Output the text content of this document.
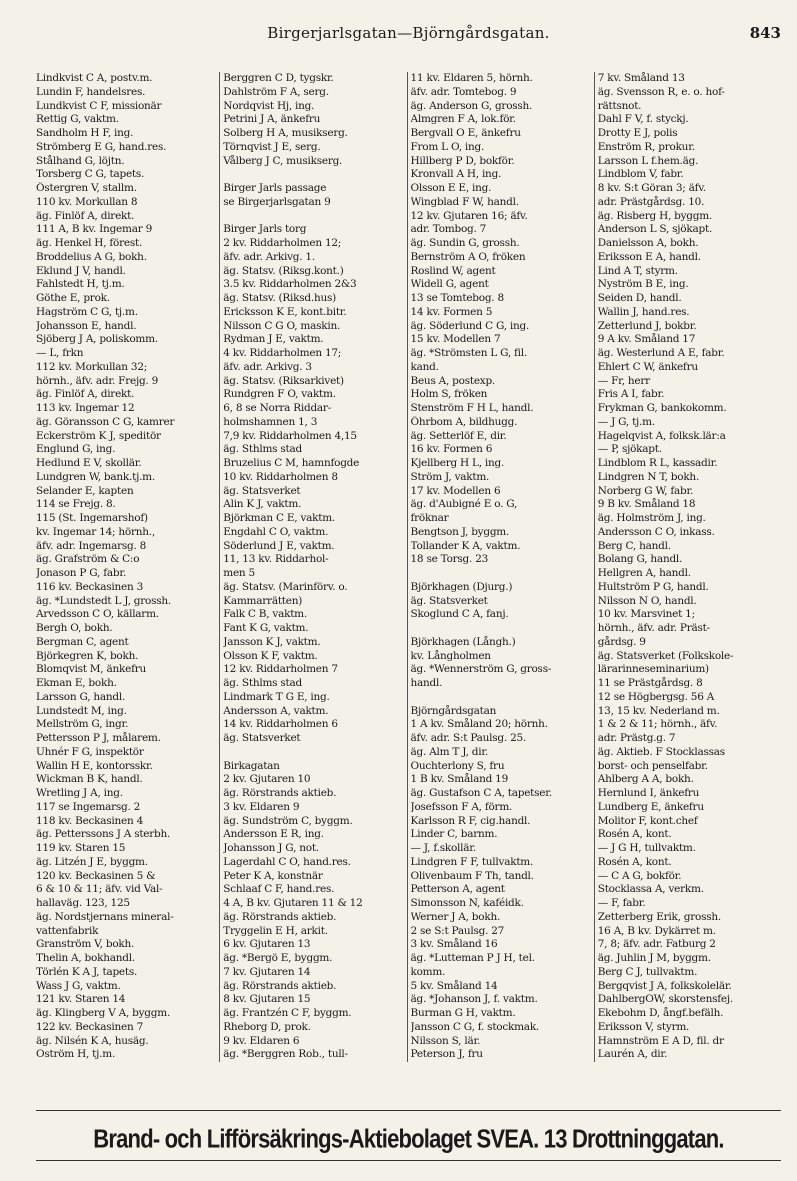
Birgerjarlsgatan—Björngårdsgatan.	843
Lindkvist C A, postv.m.
Lundin F, handelsres.
Lundkvist C F, missionär
Rettig G, vaktm.
Sandholm H F, ing.
Strömberg E G, hand.res.
Stålhand G, löjtn.
Torsberg C G, tapets.
Östergren V, stallm.
110 kv. Morkullan 8
äg. Finlöf A, direkt.
111 A, B kv. Ingemar 9
äg. Henkel H, förest.
Broddelius A G, bokh.
Eklund J V, handl.
Fahlstedt H, tj.m.
Göthe E, prok.
Hagström C G, tj.m.
Johansson E, handl.
Sjöberg J A, poliskomm.
— L, frkn
112 kv. Morkullan 32;
hörnh., äfv. adr. Frejg. 9
äg. Finlöf A, direkt.
113 kv. Ingemar 12
äg. Göransson C G, kamrer
Eckerström K J, speditör
Englund G, ing.
Hedlund E V, skollär.
Lundgren W, bank.tj.m.
Selander E, kapten
114 se Frejg. 8.
115 (St. Ingemarshof)
kv. Ingemar 14; hörnh.,
äfv. adr. Ingemarsg. 8
äg. Grafström & C:o
Jonason P G, fabr.
116 kv. Beckasinen 3
äg. *Lundstedt L J, grossh.
Arvedsson C O, källarm.
Bergh O, bokh.
Bergman C, agent
Björkegren K, bokh.
Blomqvist M, änkefru
Ekman E, bokh.
Larsson G, handl.
Lundstedt M, ing.
Mellström G, ingr.
Pettersson P J, målarem.
Uhnér F G, inspektör
Wallin H E, kontorsskr.
Wickman B K, handl.
Wretling J A, ing.
117 se Ingemarsg. 2
118 kv. Beckasinen 4
äg. Petterssons J A sterbh.
119 kv. Staren 15
äg. Litzén J E, byggm.
120 kv. Beckasinen 5 &
6 & 10 & 11; äfv. vid Val-
hallaväg. 123, 125
äg. Nordstjernans mineral-
vattenfabrik
Granström V, bokh.
Thelin A, bokhandl.
Törlén K A J, tapets.
Wass J G, vaktm.
121 kv. Staren 14
äg. Klingberg V A, byggm.
122 kv. Beckasinen 7
äg. Nilsén K A, husäg.
Oström H, tj.m.
Berggren C D, tygskr.
Dahlström F A, serg.
Nordqvist Hj, ing.
Petrini J A, änkefru
Solberg H A, musikserg.
Törnqvist J E, serg.
Vålberg J C, musikserg.
Birger Jarls passage
se Birgerjarlsgatan 9
Birger Jarls torg
2 kv. Riddarholmen 12;
äfv. adr. Arkivg. 1.
äg. Statsv. (Riksg.kont.)
3.5 kv. Riddarholmen 2&3
äg. Statsv. (Riksd.hus)
Ericksson K E, kont.bitr.
Nilsson C G O, maskin.
Rydman J E, vaktm.
4 kv. Riddarholmen 17;
äfv. adr. Arkivg. 3
äg. Statsv. (Riksarkivet)
Rundgren F O, vaktm.
6, 8 se Norra Riddar-
holmshamnen 1, 3
7,9 kv. Riddarholmen 4,15
äg. Sthlms stad
Bruzelius C M, hamnfogde
10 kv. Riddarholmen 8
äg. Statsverket
Alin K J, vaktm.
Björkman C E, vaktm.
Engdahl C O, vaktm.
Söderlund J E, vaktm.
11, 13 kv. Riddarhol-
men 5
äg. Statsv. (Marinförv. o.
Kammarrätten)
Falk C B, vaktm.
Fant K G, vaktm.
Jansson K J, vaktm.
Olsson K F, vaktm.
12 kv. Riddarholmen 7
äg. Sthlms stad
Lindmark T G E, ing.
Andersson A, vaktm.
14 kv. Riddarholmen 6
äg. Statsverket
Birkagatan
2 kv. Gjutaren 10
äg. Rörstrands aktieb.
3 kv. Eldaren 9
äg. Sundström C, byggm.
Andersson E R, ing.
Johansson J G, not.
Lagerdahl C O, hand.res.
Peter K A, konstnär
Schlaaf C F, hand.res.
4 A, B kv. Gjutaren 11 & 12
äg. Rörstrands aktieb.
Tryggelin E H, arkit.
6 kv. Gjutaren 13
äg. *Bergö E, byggm.
7 kv. Gjutaren 14
äg. Rörstrands aktieb.
8 kv. Gjutaren 15
äg. Frantzén C F, byggm.
Rheborg D, prok.
9 kv. Eldaren 6
äg. *Berggren Rob., tull-
11 kv. Eldaren 5, hörnh.
äfv. adr. Tomtebog. 9
äg. Anderson G, grossh.
Almgren F A, lok.för.
Bergvall O E, änkefru
From L O, ing.
Hillberg P D, bokför.
Kronvall A H, ing.
Olsson E E, ing.
Wingblad F W, handl.
12 kv. Gjutaren 16; äfv.
adr. Tombog. 7
äg. Sundin G, grossh.
Bernström A O, fröken
Roslind W, agent
Widell G, agent
13 se Tomtebog. 8
14 kv. Formen 5
äg. Söderlund C G, ing.
15 kv. Modellen 7
äg. *Strömsten L G, fil.
kand.
Beus A, postexp.
Holm S, fröken
Stenström F H L, handl.
Öhrbom A, bildhugg.
äg. Setterlöf E, dir.
16 kv. Formen 6
Kjellberg H L, ing.
Ström J, vaktm.
17 kv. Modellen 6
äg. d'Aubigné E o. G,
fröknar
Bengtson J, byggm.
Tollander K A, vaktm.
18 se Torsg. 23
Björkhagen (Djurg.)
äg. Statsverket
Skoglund C A, fanj.
Björkhagen (Långh.)
kv. Långholmen
äg. *Wennerström G, gross-
handl.
Björngårdsgatan
1 A kv. Småland 20; hörnh.
äfv. adr. S:t Paulsg. 25.
äg. Alm T J, dir.
Ouchterlony S, fru
1 B kv. Småland 19
äg. Gustafson C A, tapetser.
Josefsson F A, förm.
Karlsson R F, cig.handl.
Linder C, barnm.
— J, f.skollär.
Lindgren F F, tullvaktm.
Olivenbaum F Th, tandl.
Petterson A, agent
Simonsson N, kaféidk.
Werner J A, bokh.
2 se S:t Paulsg. 27
3 kv. Småland 16
äg. *Lutteman P J H, tel.
komm.
5 kv. Småland 14
äg. *Johanson J, f. vaktm.
Burman G H, vaktm.
Jansson C G, f. stockmak.
Nilsson S, lär.
Peterson J, fru
7 kv. Småland 13
äg. Svensson R, e. o. hof-
rättsnot.
Dahl F V, f. styckj.
Drotty E J, polis
Enström R, prokur.
Larsson L f.hem.äg.
Lindblom V, fabr.
8 kv. S:t Göran 3; äfv.
adr. Prästgårdsg. 10.
äg. Risberg H, byggm.
Anderson L S, sjökapt.
Danielsson A, bokh.
Eriksson E A, handl.
Lind A T, styrm.
Nyström B E, ing.
Seiden D, handl.
Wallin J, hand.res.
Zetterlund J, bokbr.
9 A kv. Småland 17
äg. Westerlund A E, fabr.
Ehlert C W, änkefru
— Fr, herr
Fris A I, fabr.
Frykman G, bankokomm.
— J G, tj.m.
Hagelqvist A, folksk.lär:a
— P, sjökapt.
Lindblom R L, kassadir.
Lindgren N T, bokh.
Norberg G W, fabr.
9 B kv. Småland 18
äg. Holmström J, ing.
Andersson C O, inkass.
Berg C, handl.
Bolang G, handl.
Hellgren A, handl.
Hultström P G, handl.
Nilsson N O, handl.
10 kv. Marsvinet 1;
hörnh., äfv. adr. Präst-
gårdsg. 9
äg. Statsverket (Folkskole-
lärarinneseminarium)
11 se Prästgårdsg. 8
12 se Högbergsg. 56 A
13, 15 kv. Nederland m.
1 & 2 & 11; hörnh., äfv.
adr. Prästg.g. 7
äg. Aktieb. F Stocklassas
borst- och penselfabr.
Ahlberg A A, bokh.
Hernlund I, änkefru
Lundberg E, änkefru
Molitor F, kont.chef
Rosén A, kont.
— J G H, tullvaktm.
Rosén A, kont.
— C A G, bokför.
Stocklassa A, verkm.
— F, fabr.
Zetterberg Erik, grossh.
16 A, B kv. Dykärret m.
7, 8; äfv. adr. Fatburg 2
äg. Juhlin J M, byggm.
Berg C J, tullvaktm.
Bergqvist J A, folkskolelär.
DahlbergOW, skorstensfej.
Ekebohm D, ångf.befälh.
Eriksson V, styrm.
Hamnström E A D, fil. dr
Laurén A, dir.
Brand- och Lifförsäkrings-Aktiebolaget SVEA. 13 Drottninggatan.
